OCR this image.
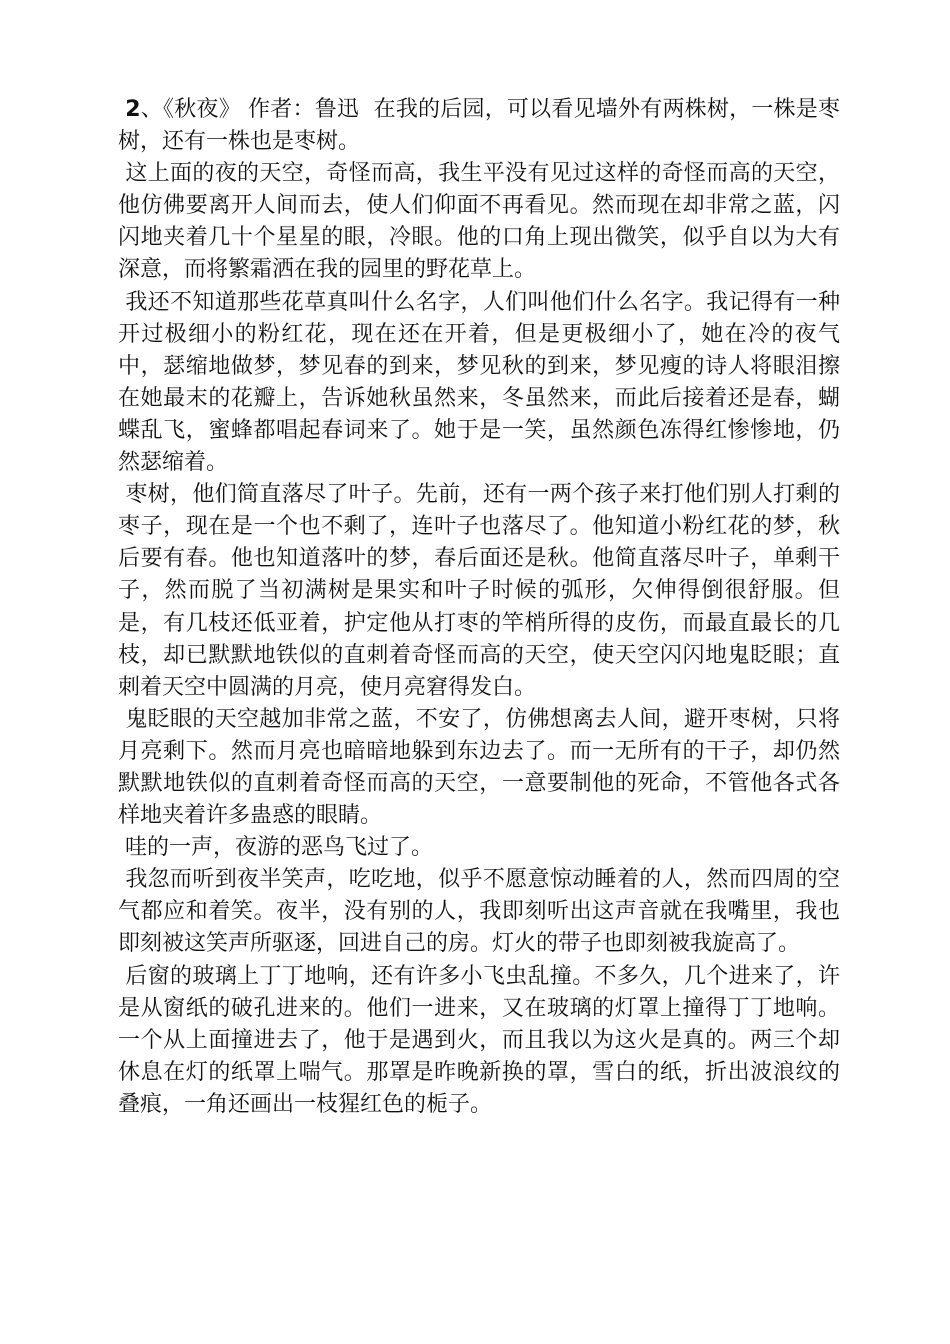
2、《秋夜》 作者：鲁迅 在我的后园，可以看见墙外有两株树，一株是枣树，还有一株也是枣树。

这上面的夜的天空，奇怪而高，我生平没有见过这样的奇怪而高的天空，他仿佛要离开人间而去，使人们仰面不再看见。然而现在却非常之蓝，闪闪地夹着几十个星星的眼，冷眼。他的口角上现出微笑，似乎自以为大有深意，而将繁霜洒在我的园里的野花草上。

我还不知道那些花草真叫什么名字，人们叫他们什么名字。我记得有一种开过极细小的粉红花，现在还在开着，但是更极细小了，她在冷的夜气中，瑟缩地做梦，梦见春的到来，梦见秋的到来，梦见瘦的诗人将眼泪擦在她最末的花瓣上，告诉她秋虽然来，冬虽然来，而此后接着还是春，蝴蝶乱飞，蜜蜂都唱起春词来了。她于是一笑，虽然颜色冻得红惨惨地，仍然瑟缩着。

枣树，他们简直落尽了叶子。先前，还有一两个孩子来打他们别人打剩的枣子，现在是一个也不剩了，连叶子也落尽了。他知道小粉红花的梦，秋后要有春。他也知道落叶的梦，春后面还是秋。他简直落尽叶子，单剩干子，然而脱了当初满树是果实和叶子时候的弧形，欠伸得倒很舒服。但是，有几枝还低亚着，护定他从打枣的竿梢所得的皮伤，而最直最长的几枝，却已默默地铁似的直刺着奇怪而高的天空，使天空闪闪地鬼眨眼；直刺着天空中圆满的月亮，使月亮窘得发白。

鬼眨眼的天空越加非常之蓝，不安了，仿佛想离去人间，避开枣树，只将月亮剩下。然而月亮也暗暗地躲到东边去了。而一无所有的干子，却仍然默默地铁似的直刺着奇怪而高的天空，一意要制他的死命，不管他各式各样地夹着许多蛊惑的眼睛。

哇的一声，夜游的恶鸟飞过了。

我忽而听到夜半笑声，吃吃地，似乎不愿意惊动睡着的人，然而四周的空气都应和着笑。夜半，没有别的人，我即刻听出这声音就在我嘴里，我也即刻被这笑声所驱逐，回进自己的房。灯火的带子也即刻被我旋高了。

后窗的玻璃上丁丁地响，还有许多小飞虫乱撞。不多久，几个进来了，许是从窗纸的破孔进来的。他们一进来，又在玻璃的灯罩上撞得丁丁地响。一个从上面撞进去了，他于是遇到火，而且我以为这火是真的。两三个却休息在灯的纸罩上喘气。那罩是昨晚新换的罩，雪白的纸，折出波浪纹的叠痕，一角还画出一枝猩红色的栀子。
